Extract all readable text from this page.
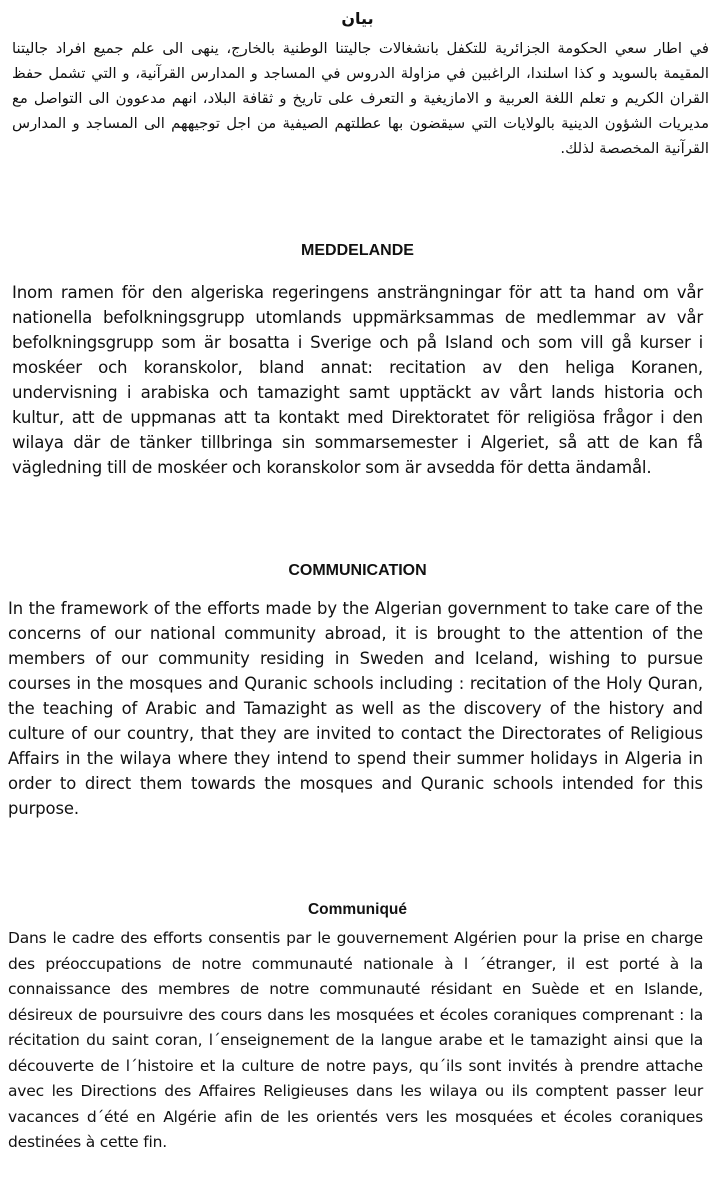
بيان

في اطار سعي الحكومة الجزائرية للتكفل بانشغالات جاليتنا الوطنية بالخارج، ينهى الى علم جميع افراد جاليتنا المقيمة بالسويد و كذا اسلندا، الراغبين في مزاولة الدروس في المساجد و المدارس القرآنية، و التي تشمل حفظ القران الكريم و تعلم اللغة العربية و الامازيغية و التعرف على تاريخ و ثقافة البلاد، انهم مدعوون الى التواصل مع مديريات الشؤون الدينية بالولايات التي سيقضون بها عطلتهم الصيفية من اجل توجيههم الى المساجد و المدارس القرآنية المخصصة لذلك.

MEDDELANDE

Inom ramen för den algeriska regeringens ansträngningar för att ta hand om vår nationella befolkningsgrupp utomlands uppmärksammas de medlemmar av vår befolkningsgrupp som är bosatta i Sverige och på Island och som vill gå kurser i moskéer och koranskolor, bland annat: recitation av den heliga Koranen, undervisning i arabiska och tamazight samt upptäckt av vårt lands historia och kultur, att de uppmanas att ta kontakt med Direktoratet för religiösa frågor i den wilaya där de tänker tillbringa sin sommarsemester i Algeriet, så att de kan få vägledning till de moskéer och koranskolor som är avsedda för detta ändamål.

COMMUNICATION

In the framework of the efforts made by the Algerian government to take care of the concerns of our national community abroad, it is brought to the attention of the members of our community residing in Sweden and Iceland, wishing to pursue courses in the mosques and Quranic schools including : recitation of the Holy Quran, the teaching of Arabic and Tamazight as well as the discovery of the history and culture of our country, that they are invited to contact the Directorates of Religious Affairs in the wilaya where they intend to spend their summer holidays in Algeria in order to direct them towards the mosques and Quranic schools intended for this purpose.

Communiqué

Dans le cadre des efforts consentis par le gouvernement Algérien pour la prise en charge des préoccupations de notre communauté nationale à l ´étranger, il est porté à la connaissance des membres de notre communauté résidant en Suède et en Islande, désireux de poursuivre des cours dans les mosquées et écoles coraniques comprenant : la récitation du saint coran, l´enseignement de la langue arabe et le tamazight ainsi que la découverte de l´histoire et la culture de notre pays, qu´ils sont invités à prendre attache avec les Directions des Affaires Religieuses dans les wilaya ou ils comptent passer leur vacances d´été en Algérie afin de les orientés vers les mosquées et écoles coraniques destinées à cette fin.
